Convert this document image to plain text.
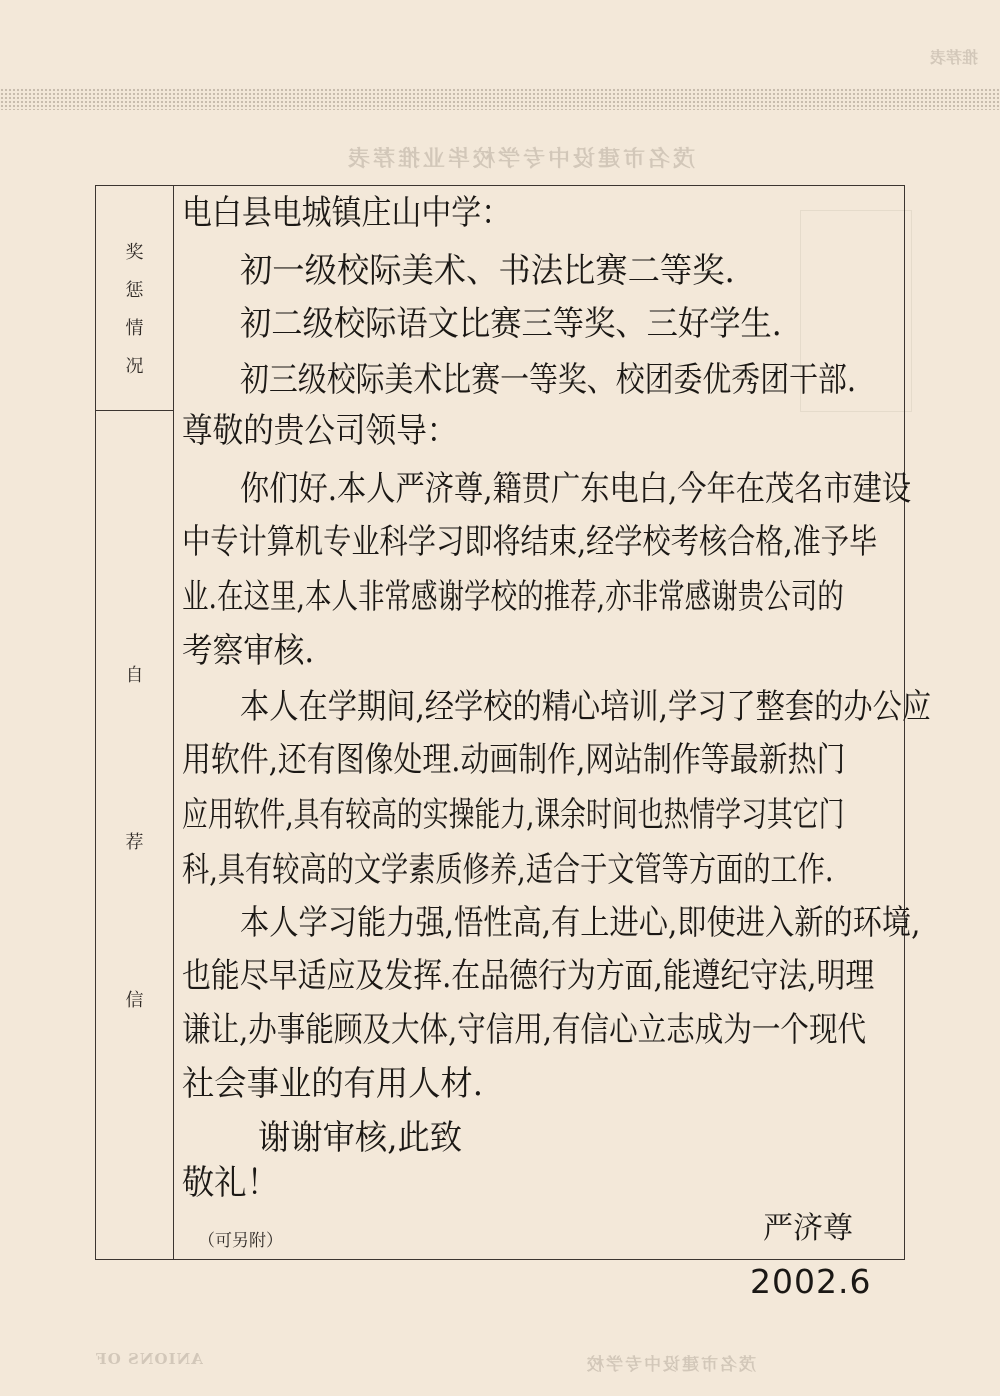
茂名市建设中专学校毕业推荐表
推荐表
茂名市建设中专学校
ANIONS OF
奖
惩
情
况
自
荐
信
电白县电城镇庄山中学：
初一级校际美术、书法比赛二等奖.
初二级校际语文比赛三等奖、三好学生.
初三级校际美术比赛一等奖、校团委优秀团干部.
尊敬的贵公司领导：
你们好.本人严济尊,籍贯广东电白,今年在茂名市建设
中专计算机专业科学习即将结束,经学校考核合格,准予毕
业.在这里,本人非常感谢学校的推荐,亦非常感谢贵公司的
考察审核.
本人在学期间,经学校的精心培训,学习了整套的办公应
用软件,还有图像处理.动画制作,网站制作等最新热门
应用软件,具有较高的实操能力,课余时间也热情学习其它门
科,具有较高的文学素质修养,适合于文管等方面的工作.
本人学习能力强,悟性高,有上进心,即使进入新的环境,
也能尽早适应及发挥.在品德行为方面,能遵纪守法,明理
谦让,办事能顾及大体,守信用,有信心立志成为一个现代
社会事业的有用人材.
谢谢审核,此致
敬礼！
（可另附）	严济尊
2002.6
